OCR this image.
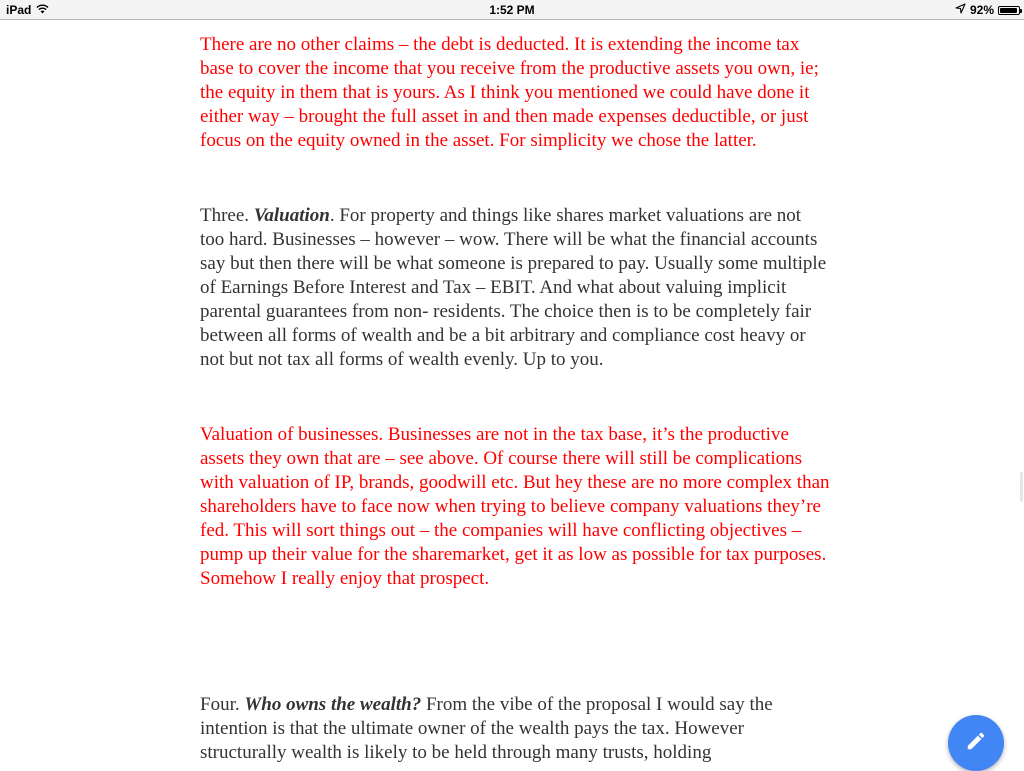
iPad	1:52 PM	92%

There are no other claims – the debt is deducted. It is extending the income tax base to cover the income that you receive from the productive assets you own, ie; the equity in them that is yours. As I think you mentioned we could have done it either way – brought the full asset in and then made expenses deductible, or just focus on the equity owned in the asset. For simplicity we chose the latter.

Three. Valuation. For property and things like shares market valuations are not too hard. Businesses – however – wow. There will be what the financial accounts say but then there will be what someone is prepared to pay. Usually some multiple of Earnings Before Interest and Tax – EBIT. And what about valuing implicit parental guarantees from non- residents. The choice then is to be completely fair between all forms of wealth and be a bit arbitrary and compliance cost heavy or not but not tax all forms of wealth evenly. Up to you.

Valuation of businesses. Businesses are not in the tax base, it’s the productive assets they own that are – see above. Of course there will still be complications with valuation of IP, brands, goodwill etc. But hey these are no more complex than shareholders have to face now when trying to believe company valuations they’re fed. This will sort things out – the companies will have conflicting objectives – pump up their value for the sharemarket, get it as low as possible for tax purposes. Somehow I really enjoy that prospect.

Four. Who owns the wealth? From the vibe of the proposal I would say the intention is that the ultimate owner of the wealth pays the tax. However structurally wealth is likely to be held through many trusts, holding
